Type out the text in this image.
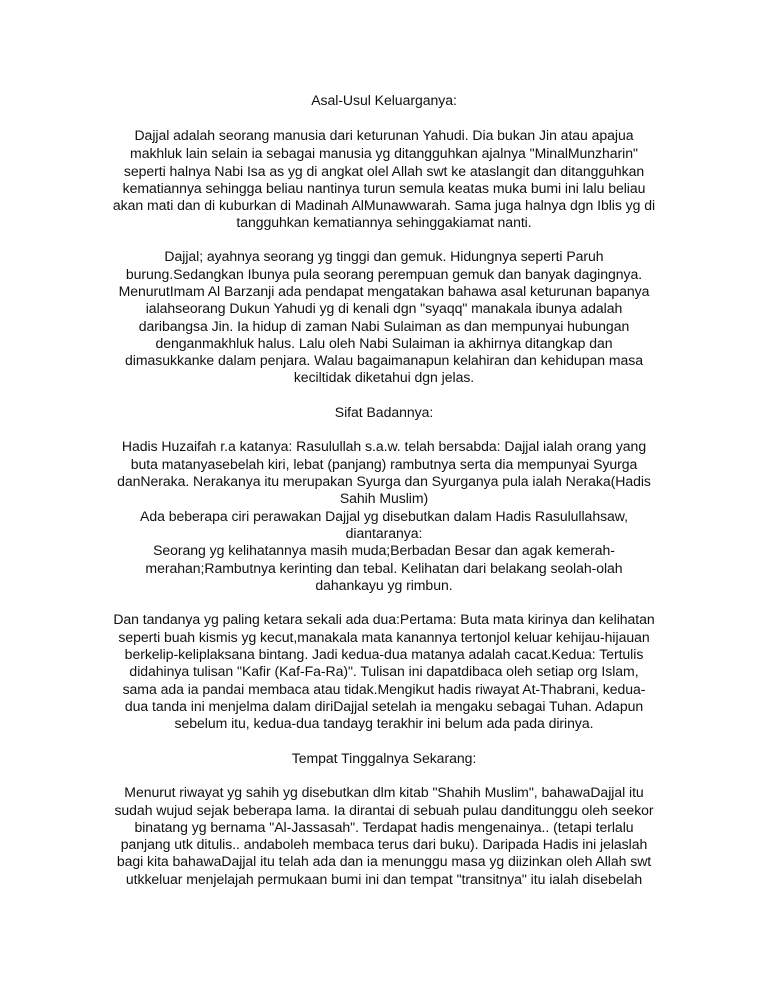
Asal-Usul Keluarganya:
Dajjal adalah seorang manusia dari keturunan Yahudi. Dia bukan Jin atau apajua
makhluk lain selain ia sebagai manusia yg ditangguhkan ajalnya "MinalMunzharin"
seperti halnya Nabi Isa as yg di angkat olel Allah swt ke ataslangit dan ditangguhkan
kematiannya sehingga beliau nantinya turun semula keatas muka bumi ini lalu beliau
akan mati dan di kuburkan di Madinah AlMunawwarah. Sama juga halnya dgn Iblis yg di
tangguhkan kematiannya sehinggakiamat nanti.
Dajjal; ayahnya seorang yg tinggi dan gemuk. Hidungnya seperti Paruh
burung.Sedangkan Ibunya pula seorang perempuan gemuk dan banyak dagingnya.
MenurutImam Al Barzanji ada pendapat mengatakan bahawa asal keturunan bapanya
ialahseorang Dukun Yahudi yg di kenali dgn "syaqq" manakala ibunya adalah
daribangsa Jin. Ia hidup di zaman Nabi Sulaiman as dan mempunyai hubungan
denganmakhluk halus. Lalu oleh Nabi Sulaiman ia akhirnya ditangkap dan
dimasukkanke dalam penjara. Walau bagaimanapun kelahiran dan kehidupan masa
keciltidak diketahui dgn jelas.
Sifat Badannya:
Hadis Huzaifah r.a katanya: Rasulullah s.a.w. telah bersabda: Dajjal ialah orang yang
buta matanyasebelah kiri, lebat (panjang) rambutnya serta dia mempunyai Syurga
danNeraka. Nerakanya itu merupakan Syurga dan Syurganya pula ialah Neraka(Hadis
Sahih Muslim)
Ada beberapa ciri perawakan Dajjal yg disebutkan dalam Hadis Rasulullahsaw,
diantaranya:
Seorang yg kelihatannya masih muda;Berbadan Besar dan agak kemerah-
merahan;Rambutnya kerinting dan tebal. Kelihatan dari belakang seolah-olah
dahankayu yg rimbun.
Dan tandanya yg paling ketara sekali ada dua:Pertama: Buta mata kirinya dan kelihatan
seperti buah kismis yg kecut,manakala mata kanannya tertonjol keluar kehijau-hijauan
berkelip-keliplaksana bintang. Jadi kedua-dua matanya adalah cacat.Kedua: Tertulis
didahinya tulisan "Kafir (Kaf-Fa-Ra)". Tulisan ini dapatdibaca oleh setiap org Islam,
sama ada ia pandai membaca atau tidak.Mengikut hadis riwayat At-Thabrani, kedua-
dua tanda ini menjelma dalam diriDajjal setelah ia mengaku sebagai Tuhan. Adapun
sebelum itu, kedua-dua tandayg terakhir ini belum ada pada dirinya.
Tempat Tinggalnya Sekarang:
Menurut riwayat yg sahih yg disebutkan dlm kitab "Shahih Muslim", bahawaDajjal itu
sudah wujud sejak beberapa lama. Ia dirantai di sebuah pulau danditunggu oleh seekor
binatang yg bernama "Al-Jassasah". Terdapat hadis mengenainya.. (tetapi terlalu
panjang utk ditulis.. andaboleh membaca terus dari buku). Daripada Hadis ini jelaslah
bagi kita bahawaDajjal itu telah ada dan ia menunggu masa yg diizinkan oleh Allah swt
utkkeluar menjelajah permukaan bumi ini dan tempat "transitnya" itu ialah disebelah
